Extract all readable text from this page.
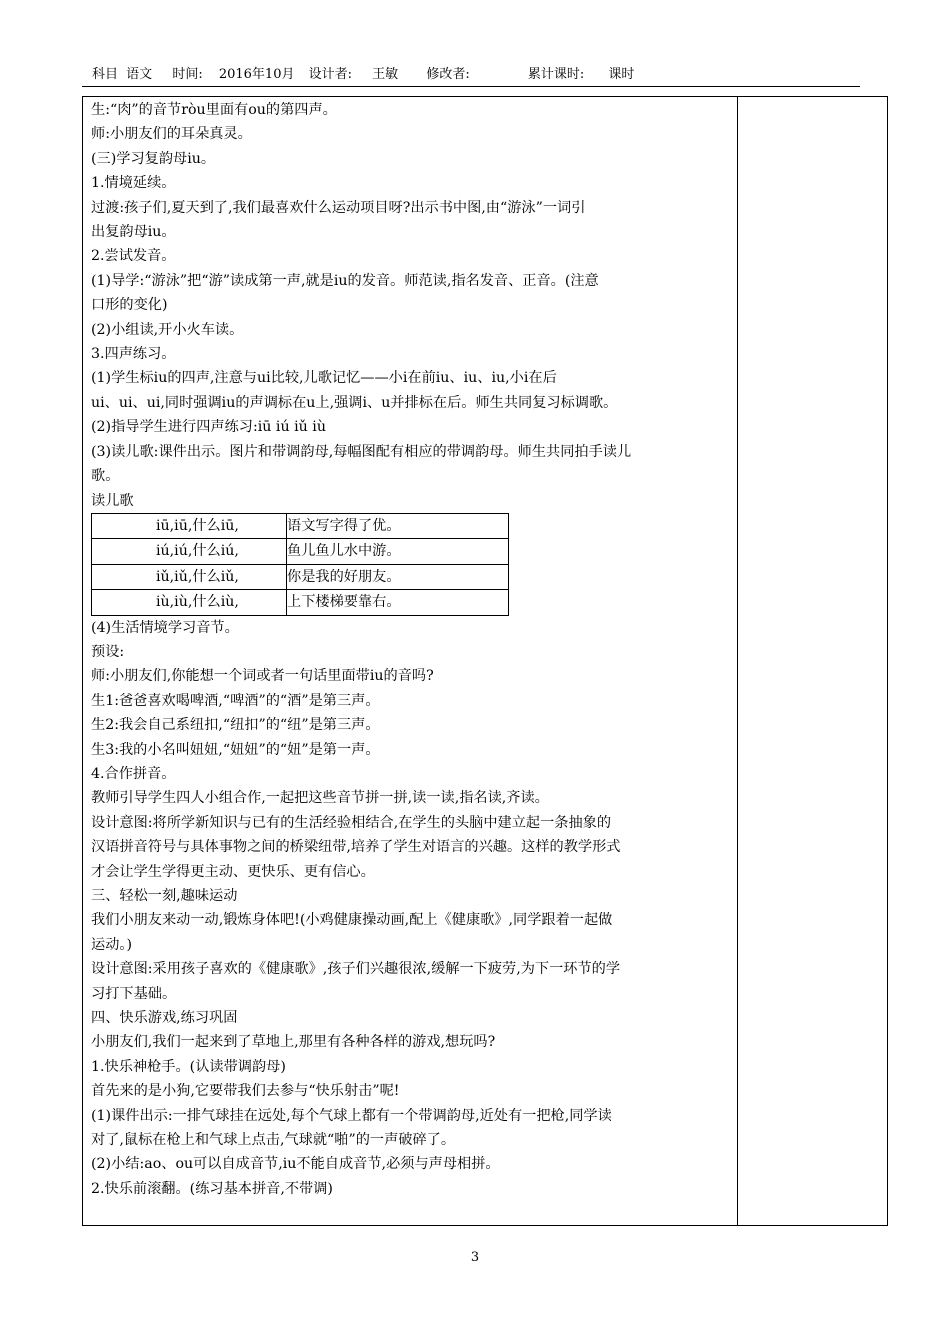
科目 语文 时间: 2016年10月 设计者: 王敏 修改者:	累计课时: 课时

生:“肉”的音节ròu里面有ou的第四声。

师:小朋友们的耳朵真灵。

(三)学习复韵母iu。

1.情境延续。

过渡:孩子们,夏天到了,我们最喜欢什么运动项目呀?出示书中图,由“游泳”一词引

出复韵母iu。

2.尝试发音。

(1)导学:“游泳”把“游”读成第一声,就是iu的发音。师范读,指名发音、正音。(注意

口形的变化)

(2)小组读,开小火车读。

3.四声练习。

(1)学生标iu的四声,注意与ui比较,儿歌记忆——小i在前iu、iu、iu,小i在后

ui、ui、ui,同时强调iu的声调标在u上,强调i、u并排标在后。师生共同复习标调歌。

(2)指导学生进行四声练习:iū iú iǔ iù

(3)读儿歌:课件出示。图片和带调韵母,每幅图配有相应的带调韵母。师生共同拍手读儿

歌。

读儿歌

iū,iū,什么iū,	语文写字得了优。
iú,iú,什么iú,	鱼儿鱼儿水中游。
iǔ,iǔ,什么iǔ,	你是我的好朋友。
iù,iù,什么iù,	上下楼梯要靠右。

(4)生活情境学习音节。

预设:

师:小朋友们,你能想一个词或者一句话里面带iu的音吗?

生1:爸爸喜欢喝啤酒,“啤酒”的“酒”是第三声。

生2:我会自己系纽扣,“纽扣”的“纽”是第三声。

生3:我的小名叫妞妞,“妞妞”的“妞”是第一声。

4.合作拼音。

教师引导学生四人小组合作,一起把这些音节拼一拼,读一读,指名读,齐读。

设计意图:将所学新知识与已有的生活经验相结合,在学生的头脑中建立起一条抽象的

汉语拼音符号与具体事物之间的桥梁纽带,培养了学生对语言的兴趣。这样的教学形式

才会让学生学得更主动、更快乐、更有信心。

三、轻松一刻,趣味运动

我们小朋友来动一动,锻炼身体吧!(小鸡健康操动画,配上《健康歌》,同学跟着一起做

运动。)

设计意图:采用孩子喜欢的《健康歌》,孩子们兴趣很浓,缓解一下疲劳,为下一环节的学

习打下基础。

四、快乐游戏,练习巩固

小朋友们,我们一起来到了草地上,那里有各种各样的游戏,想玩吗?

1.快乐神枪手。(认读带调韵母)

首先来的是小狗,它要带我们去参与“快乐射击”呢!

(1)课件出示:一排气球挂在远处,每个气球上都有一个带调韵母,近处有一把枪,同学读

对了,鼠标在枪上和气球上点击,气球就“啪”的一声破碎了。

(2)小结:ao、ou可以自成音节,iu不能自成音节,必须与声母相拼。

2.快乐前滚翻。(练习基本拼音,不带调)

3
